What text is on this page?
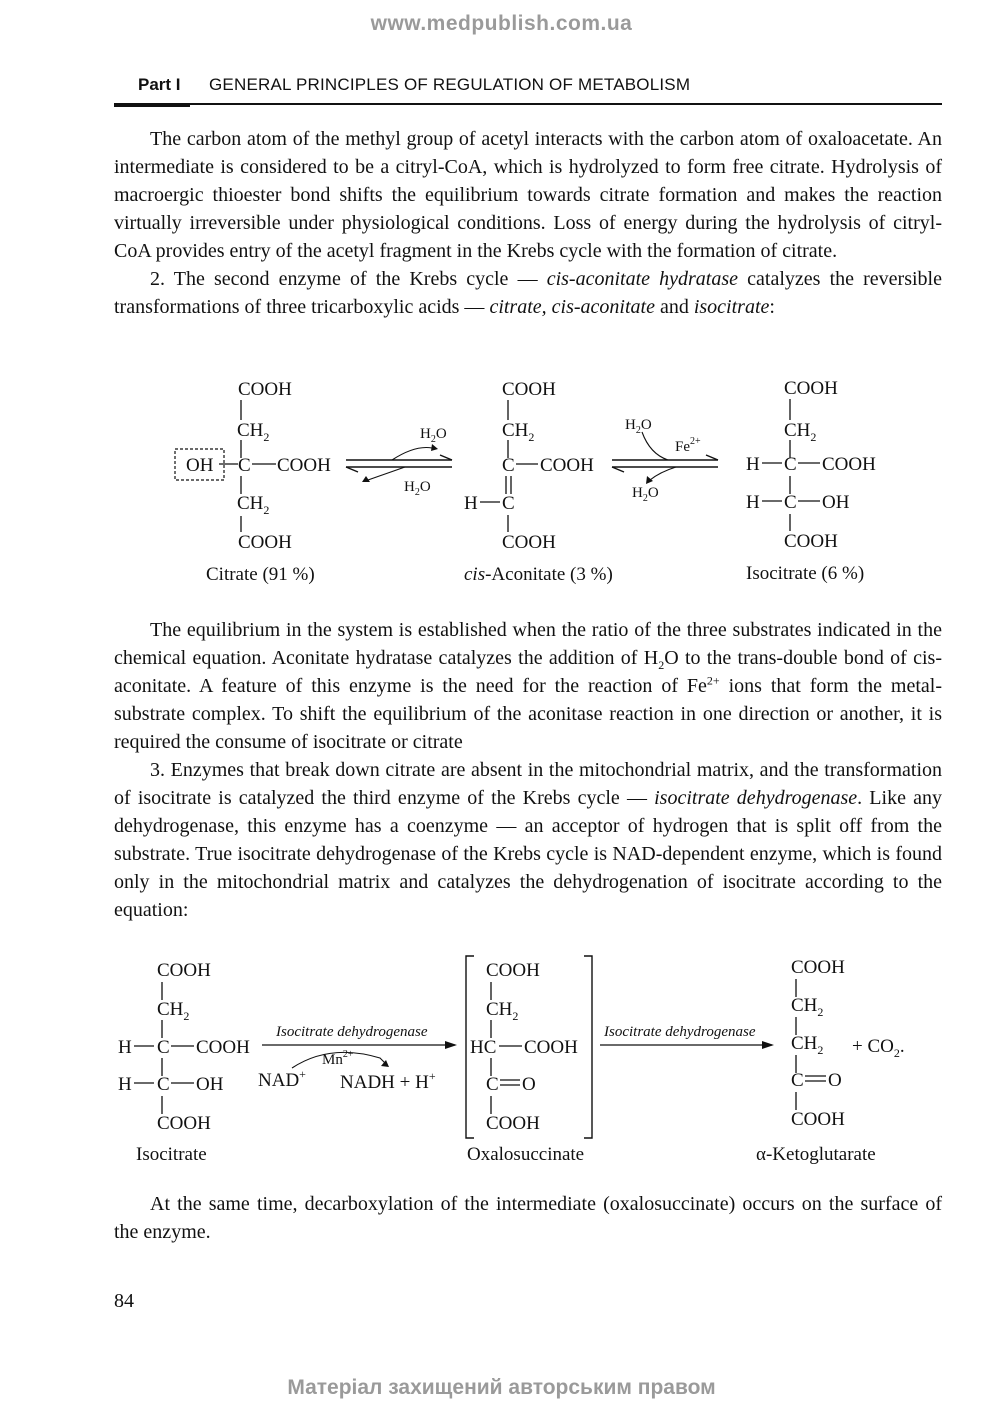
www.medpublish.com.ua
Part I GENERAL PRINCIPLES OF REGULATION OF METABOLISM

The carbon atom of the methyl group of acetyl interacts with the carbon atom of oxaloacetate. An intermediate is considered to be a citryl-CoA, which is hydrolyzed to form free citrate. Hydrolysis of macroergic thioester bond shifts the equilibrium towards citrate formation and makes the reaction virtually irreversible under physiological conditions. Loss of energy during the hydrolysis of citryl-CoA provides entry of the acetyl fragment in the Krebs cycle with the formation of citrate.

2. The second enzyme of the Krebs cycle — cis-aconitate hydratase catalyzes the reversible transformations of three tricarboxylic acids — citrate, cis-aconitate and isocitrate:

COOH
$CH_2$
OH C COOH
$CH_2$
COOH
$H_2O$
$H_2O$
COOH
$CH_2$
C COOH
H C
COOH
$H_2O$
$Fe^{2+}$
$H_2O$
COOH
$CH_2$
H C COOH
H C OH
COOH
Citrate (91 %)	cis-Aconitate (3 %)	Isocitrate (6 %)

The equilibrium in the system is established when the ratio of the three substrates indicated in the chemical equation. Aconitate hydratase catalyzes the addition of $H_2O$ to the trans-double bond of cis-aconitate. A feature of this enzyme is the need for the reaction of $Fe^{2+}$ ions that form the metal-substrate complex. To shift the equilibrium of the aconitase reaction in one direction or another, it is required the consume of isocitrate or citrate

3. Enzymes that break down citrate are absent in the mitochondrial matrix, and the transformation of isocitrate is catalyzed the third enzyme of the Krebs cycle — isocitrate dehydrogenase. Like any dehydrogenase, this enzyme has a coenzyme — an acceptor of hydrogen that is split off from the substrate. True isocitrate dehydrogenase of the Krebs cycle is NAD-dependent enzyme, which is found only in the mitochondrial matrix and catalyzes the dehydrogenation of isocitrate according to the equation:

COOH
$CH_2$
H C COOH
H C OH
COOH
Isocitrate dehydrogenase
$Mn^{2+}$
NAD+ NADH + H+
COOH
$CH_2$
HC COOH
C O
COOH
Isocitrate dehydrogenase
COOH
$CH_2$
$CH_2$
C O
COOH
+ $CO_2$.
Isocitrate	Oxalosuccinate	α-Ketoglutarate

At the same time, decarboxylation of the intermediate (oxalosuccinate) occurs on the surface of the enzyme.

84
Матеріал захищений авторським правом
